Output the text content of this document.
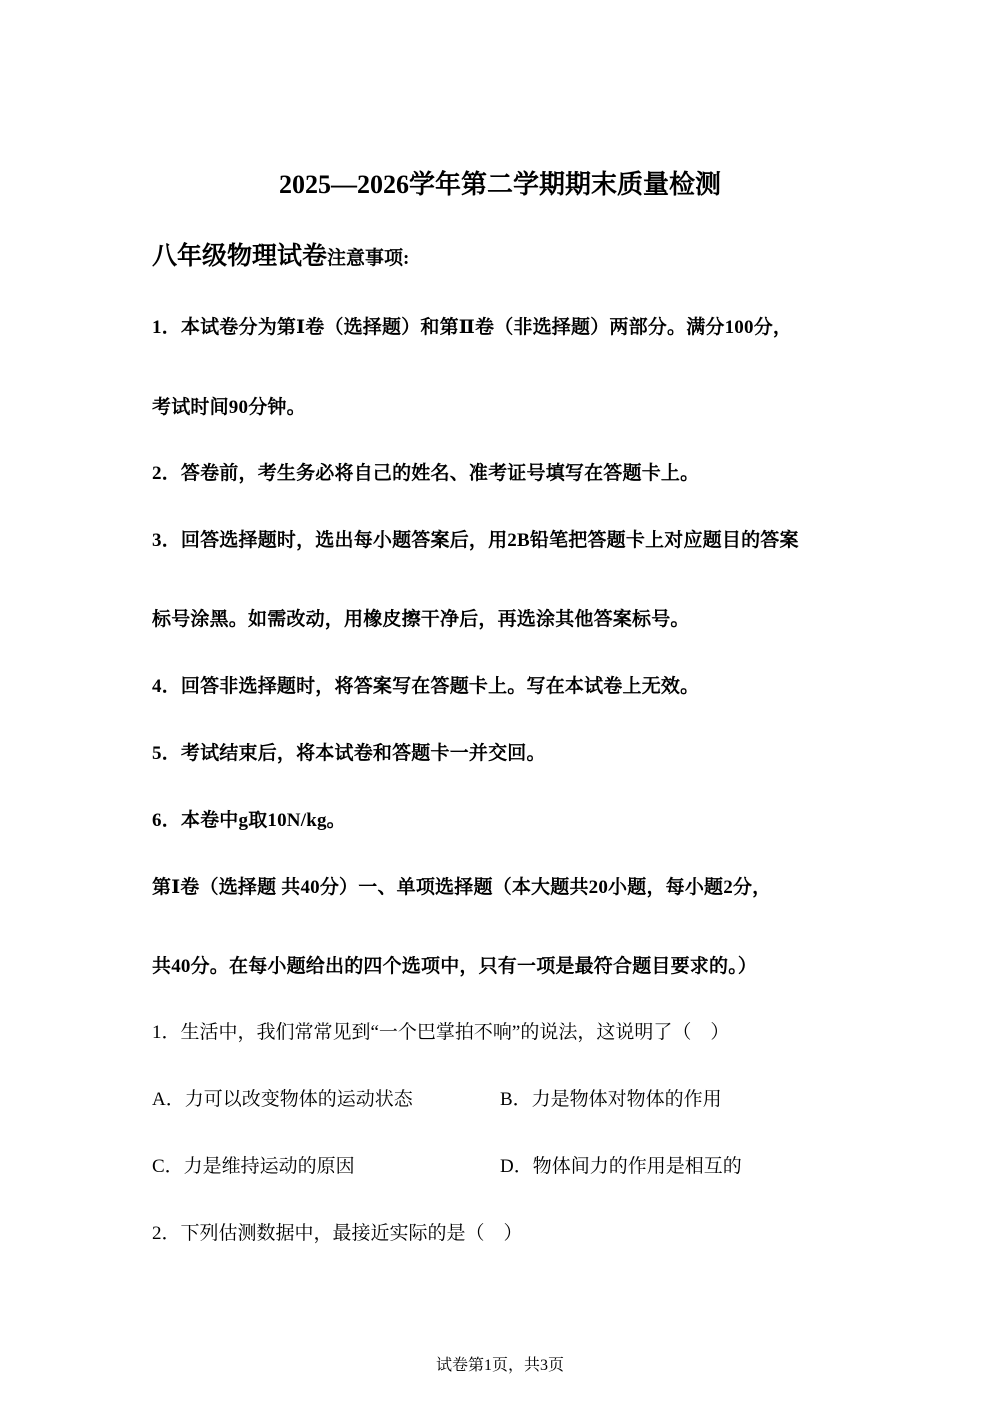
2025—2026学年第二学期期末质量检测
八年级物理试卷注意事项:
1．本试卷分为第Ⅰ卷（选择题）和第Ⅱ卷（非选择题）两部分。满分100分，
考试时间90分钟。
2．答卷前，考生务必将自己的姓名、准考证号填写在答题卡上。
3．回答选择题时，选出每小题答案后，用2B铅笔把答题卡上对应题目的答案
标号涂黑。如需改动，用橡皮擦干净后，再选涂其他答案标号。
4．回答非选择题时，将答案写在答题卡上。写在本试卷上无效。
5．考试结束后，将本试卷和答题卡一并交回。
6．本卷中g取10N/kg。
第Ⅰ卷（选择题 共40分）一、单项选择题（本大题共20小题，每小题2分，
共40分。在每小题给出的四个选项中，只有一项是最符合题目要求的。）
1．生活中，我们常常见到“一个巴掌拍不响”的说法，这说明了（　）
A．力可以改变物体的运动状态	B．力是物体对物体的作用
C．力是维持运动的原因	D．物体间力的作用是相互的
2．下列估测数据中，最接近实际的是（　）
试卷第1页，共3页
